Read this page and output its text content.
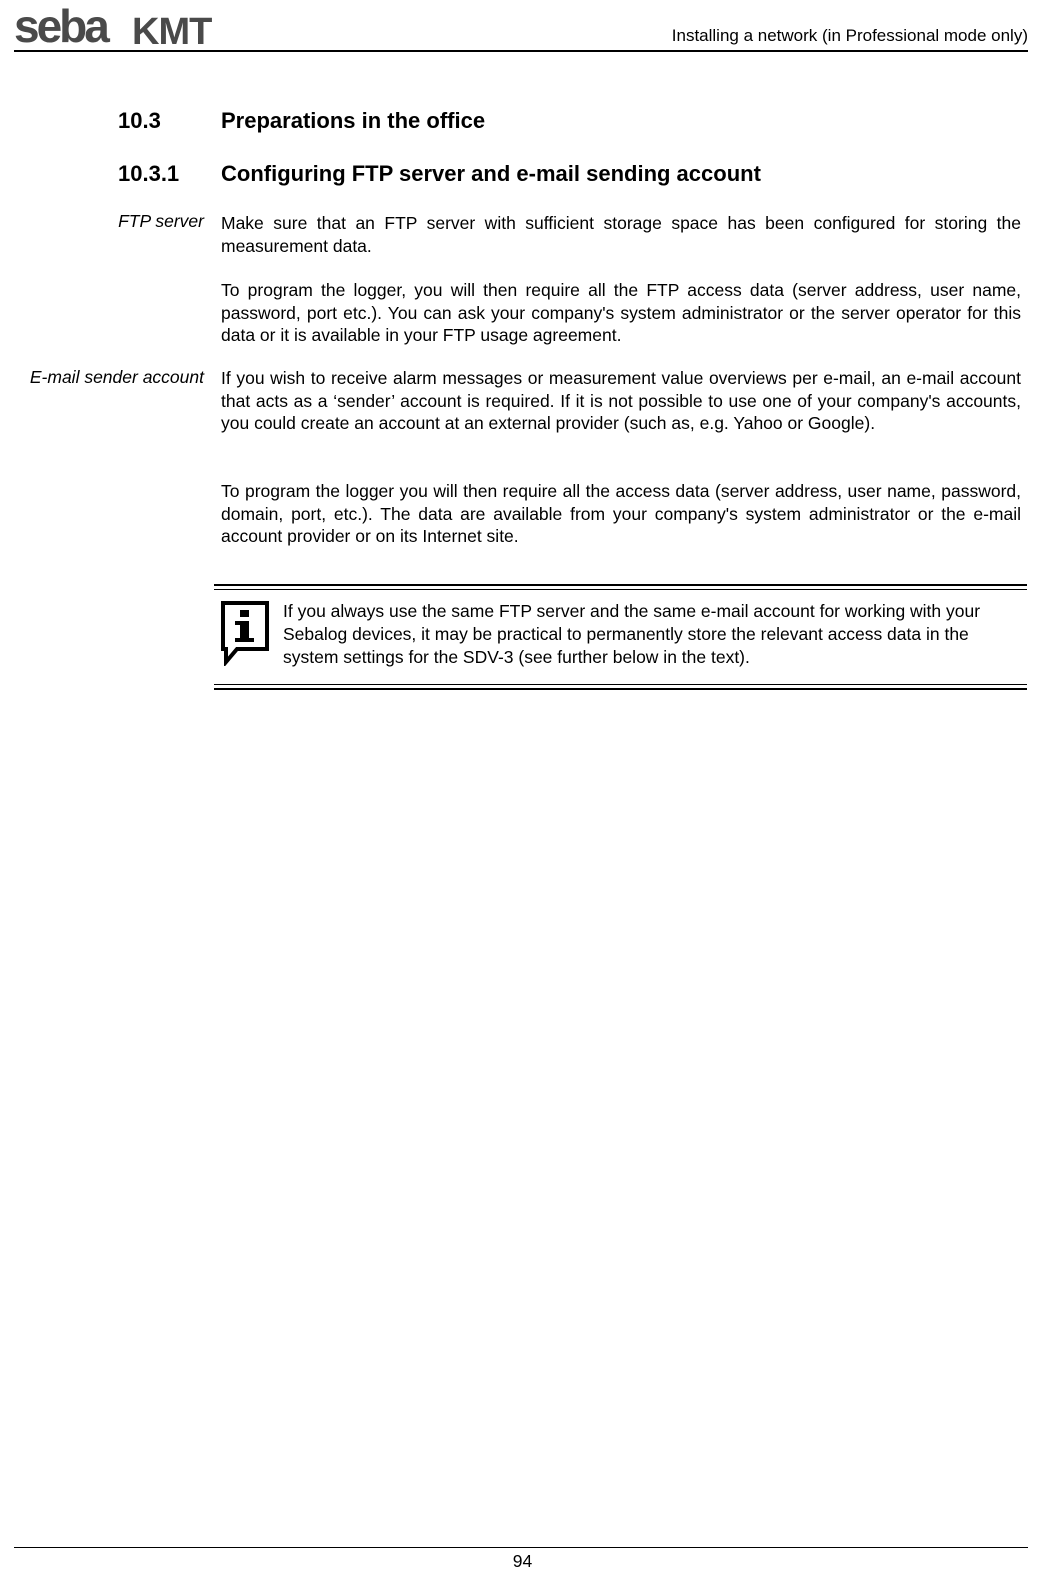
seba KMT	Installing a network (in Professional mode only)
10.3	Preparations in the office
10.3.1 Configuring FTP server and e-mail sending account
FTP server Make sure that an FTP server with sufficient storage space has been configured for storing the measurement data.
To program the logger, you will then require all the FTP access data (server address, user name, password, port etc.). You can ask your company's system administrator or the server operator for this data or it is available in your FTP usage agreement.
E-mail sender account If you wish to receive alarm messages or measurement value overviews per e-mail, an e-mail account that acts as a ‘sender’ account is required. If it is not possible to use one of your company's accounts, you could create an account at an external provider (such as, e.g. Yahoo or Google).
To program the logger you will then require all the access data (server address, user name, password, domain, port, etc.). The data are available from your company's system administrator or the e-mail account provider or on its Internet site.
If you always use the same FTP server and the same e-mail account for working with your Sebalog devices, it may be practical to permanently store the relevant access data in the system settings for the SDV-3 (see further below in the text).
94
